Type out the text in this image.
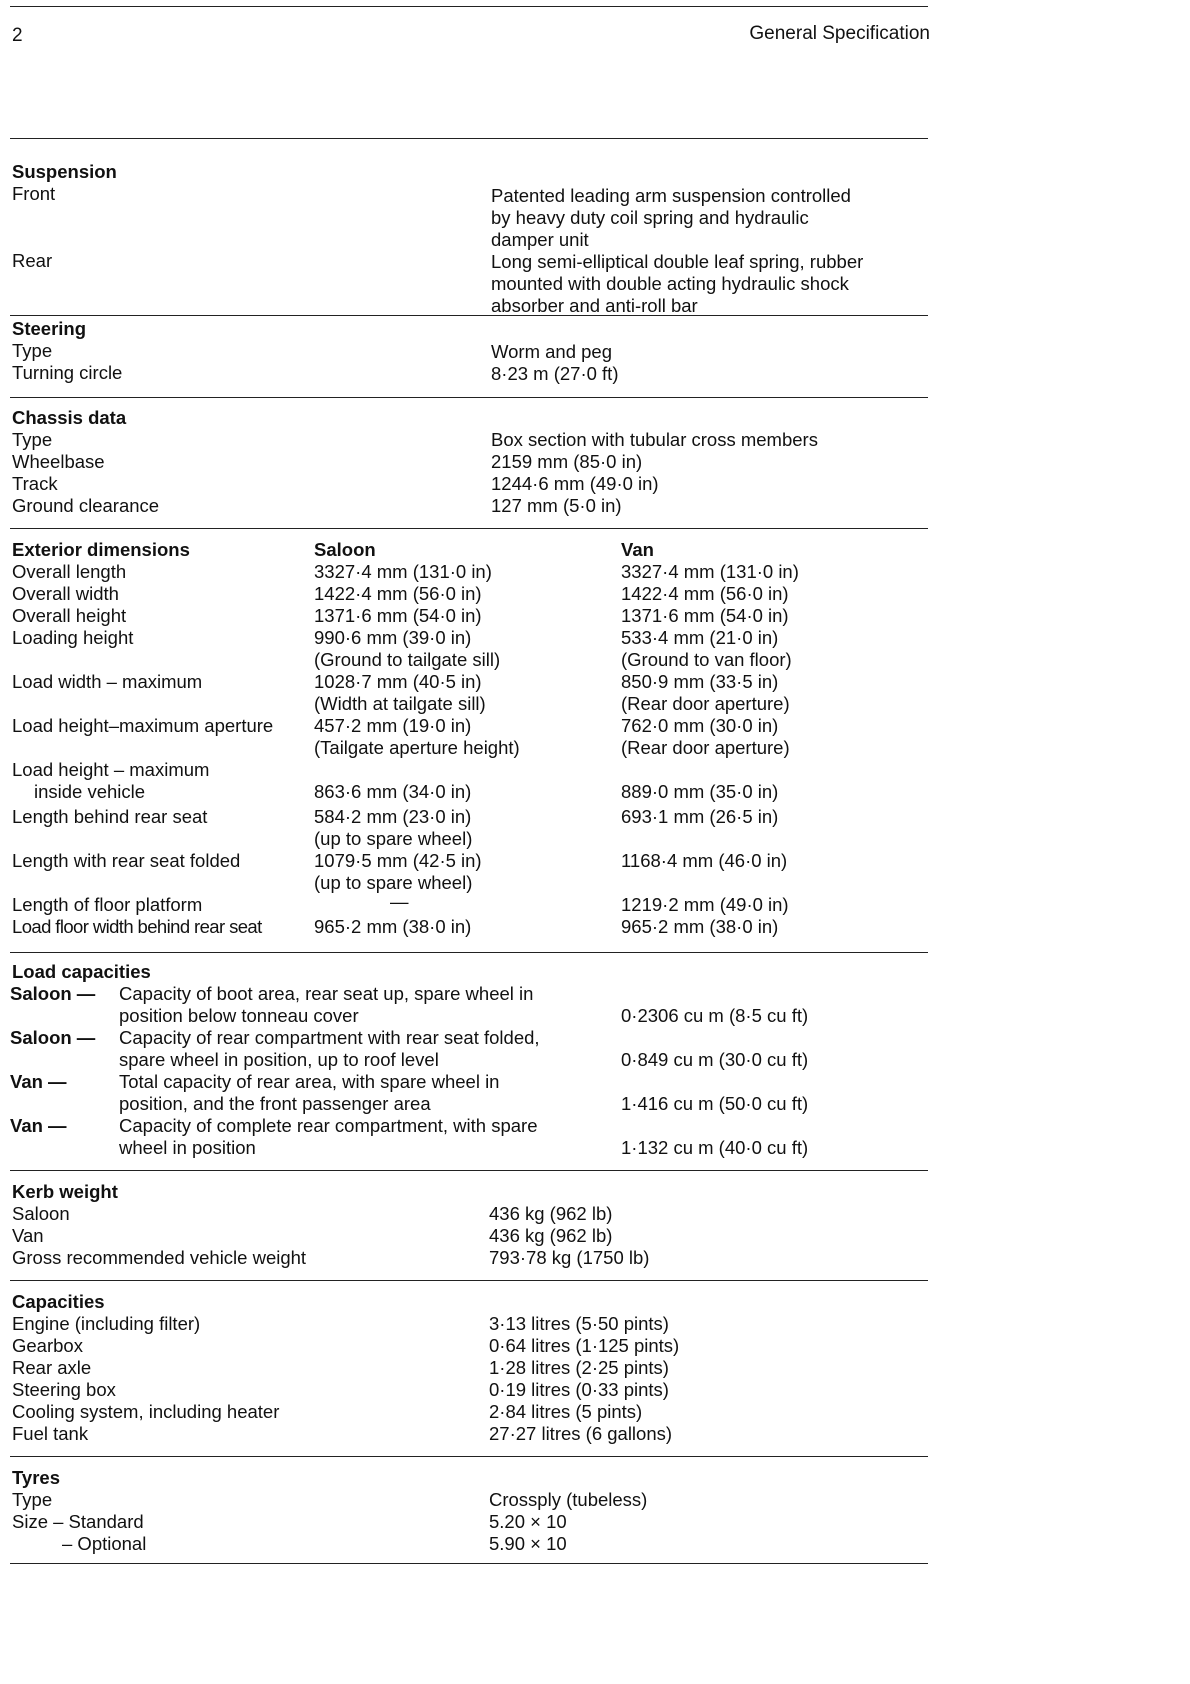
2	General Specification
Suspension
Front	Patented leading arm suspension controlled
by heavy duty coil spring and hydraulic
damper unit
Rear	Long semi-elliptical double leaf spring, rubber
mounted with double acting hydraulic shock
absorber and anti-roll bar
Steering
Type	Worm and peg
Turning circle	8·23 m (27·0 ft)
Chassis data
Type	Box section with tubular cross members
Wheelbase	2159 mm (85·0 in)
Track	1244·6 mm (49·0 in)
Ground clearance	127 mm (5·0 in)
Exterior dimensions	Saloon	Van
Overall length	3327·4 mm (131·0 in)	3327·4 mm (131·0 in)
Overall width	1422·4 mm (56·0 in)	1422·4 mm (56·0 in)
Overall height	1371·6 mm (54·0 in)	1371·6 mm (54·0 in)
Loading height	990·6 mm (39·0 in)	533·4 mm (21·0 in)
(Ground to tailgate sill)	(Ground to van floor)
Load width – maximum	1028·7 mm (40·5 in)	850·9 mm (33·5 in)
(Width at tailgate sill)	(Rear door aperture)
Load height–maximum aperture 457·2 mm (19·0 in)	762·0 mm (30·0 in)
(Tailgate aperture height)	(Rear door aperture)
Load height – maximum
inside vehicle	863·6 mm (34·0 in)	889·0 mm (35·0 in)
Length behind rear seat	584·2 mm (23·0 in)	693·1 mm (26·5 in)
(up to spare wheel)
Length with rear seat folded	1079·5 mm (42·5 in)	1168·4 mm (46·0 in)
(up to spare wheel)
Length of floor platform	—	1219·2 mm (49·0 in)
Load floor width behind rear seat	965·2 mm (38·0 in)	965·2 mm (38·0 in)
Load capacities
Saloon — Capacity of boot area, rear seat up, spare wheel in
position below tonneau cover	0·2306 cu m (8·5 cu ft)
Saloon — Capacity of rear compartment with rear seat folded,
spare wheel in position, up to roof level	0·849 cu m (30·0 cu ft)
Van —	Total capacity of rear area, with spare wheel in
position, and the front passenger area	1·416 cu m (50·0 cu ft)
Van —	Capacity of complete rear compartment, with spare
wheel in position	1·132 cu m (40·0 cu ft)
Kerb weight
Saloon	436 kg (962 lb)
Van	436 kg (962 lb)
Gross recommended vehicle weight	793·78 kg (1750 lb)
Capacities
Engine (including filter)	3·13 litres (5·50 pints)
Gearbox	0·64 litres (1·125 pints)
Rear axle	1·28 litres (2·25 pints)
Steering box	0·19 litres (0·33 pints)
Cooling system, including heater	2·84 litres (5 pints)
Fuel tank	27·27 litres (6 gallons)
Tyres
Type	Crossply (tubeless)
Size – Standard	5.20 × 10
– Optional	5.90 × 10
